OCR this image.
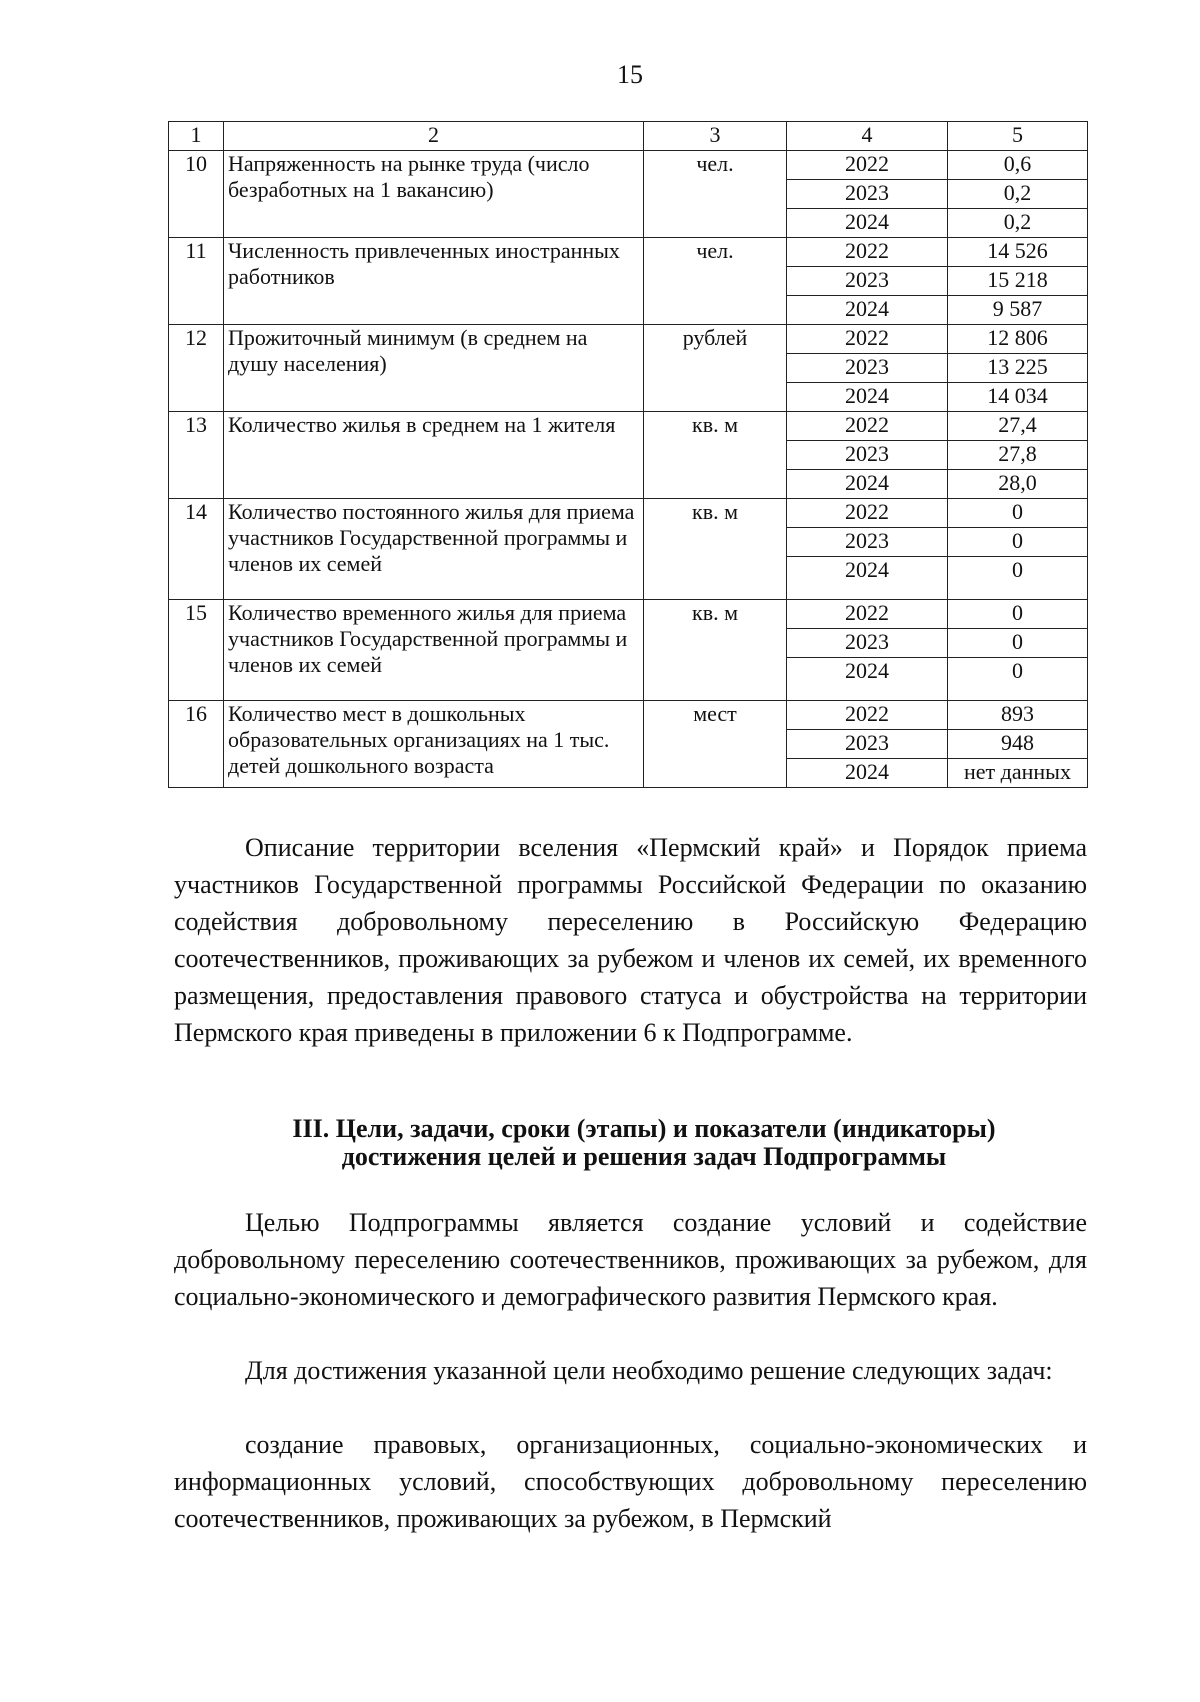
15
1	2	3	4	5
10	Напряженность на рынке труда (число безработных на 1 вакансию)	чел.	2022	0,6
			2023	0,2
			2024	0,2
11	Численность привлеченных иностранных работников	чел.	2022	14 526
			2023	15 218
			2024	9 587
12	Прожиточный минимум (в среднем на душу населения)	рублей	2022	12 806
			2023	13 225
			2024	14 034
13	Количество жилья в среднем на 1 жителя	кв. м	2022	27,4
			2023	27,8
			2024	28,0
14	Количество постоянного жилья для приема участников Государственной программы и членов их семей	кв. м	2022	0
			2023	0
			2024	0
15	Количество временного жилья для приема участников Государственной программы и членов их семей	кв. м	2022	0
			2023	0
			2024	0
16	Количество мест в дошкольных образовательных организациях на 1 тыс. детей дошкольного возраста	мест	2022	893
			2023	948
			2024	нет данных

Описание территории вселения «Пермский край» и Порядок приема участников Государственной программы Российской Федерации по оказанию содействия добровольному переселению в Российскую Федерацию соотечественников, проживающих за рубежом и членов их семей, их временного размещения, предоставления правового статуса и обустройства на территории Пермского края приведены в приложении 6 к Подпрограмме.

III. Цели, задачи, сроки (этапы) и показатели (индикаторы)
достижения целей и решения задач Подпрограммы

Целью Подпрограммы является создание условий и содействие добровольному переселению соотечественников, проживающих за рубежом, для социально-экономического и демографического развития Пермского края.

Для достижения указанной цели необходимо решение следующих задач:

создание правовых, организационных, социально-экономических и информационных условий, способствующих добровольному переселению соотечественников, проживающих за рубежом, в Пермский
